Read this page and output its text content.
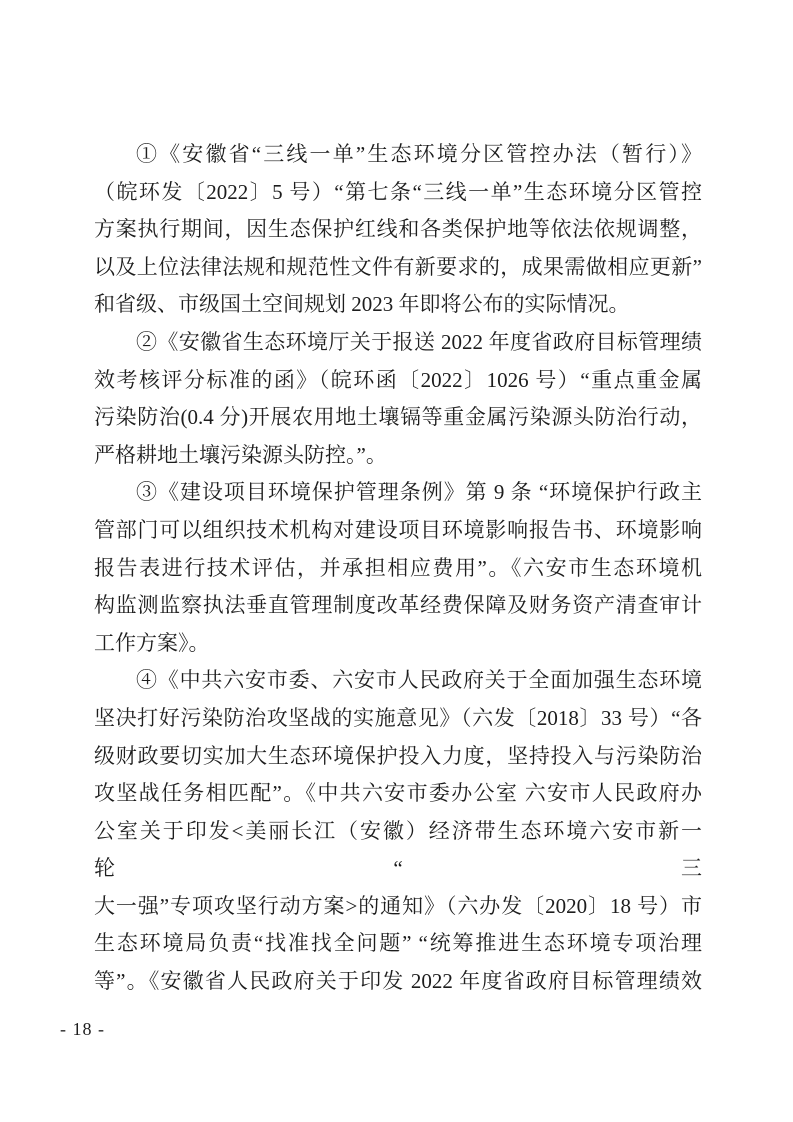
①《安徽省“三线一单”生态环境分区管控办法（暂行）》
（皖环发〔2022〕5 号）“第七条“三线一单”生态环境分区管控
方案执行期间，因生态保护红线和各类保护地等依法依规调整，
以及上位法律法规和规范性文件有新要求的，成果需做相应更新”
和省级、市级国土空间规划 2023 年即将公布的实际情况。
②《安徽省生态环境厅关于报送 2022 年度省政府目标管理绩
效考核评分标准的函》（皖环函〔2022〕1026 号）“重点重金属
污染防治(0.4 分)开展农用地土壤镉等重金属污染源头防治行动，
严格耕地土壤污染源头防控。”。
③《建设项目环境保护管理条例》第 9 条 “环境保护行政主
管部门可以组织技术机构对建设项目环境影响报告书、环境影响
报告表进行技术评估，并承担相应费用”。《六安市生态环境机
构监测监察执法垂直管理制度改革经费保障及财务资产清查审计
工作方案》。
④《中共六安市委、六安市人民政府关于全面加强生态环境
坚决打好污染防治攻坚战的实施意见》（六发〔2018〕33 号）“各
级财政要切实加大生态环境保护投入力度，坚持投入与污染防治
攻坚战任务相匹配”。《中共六安市委办公室 六安市人民政府办
公室关于印发<美丽长江（安徽）经济带生态环境六安市新一轮“三
大一强”专项攻坚行动方案>的通知》（六办发〔2020〕18 号）市
生态环境局负责“找准找全问题” “统筹推进生态环境专项治理
等”。《安徽省人民政府关于印发 2022 年度省政府目标管理绩效
- 18 -
